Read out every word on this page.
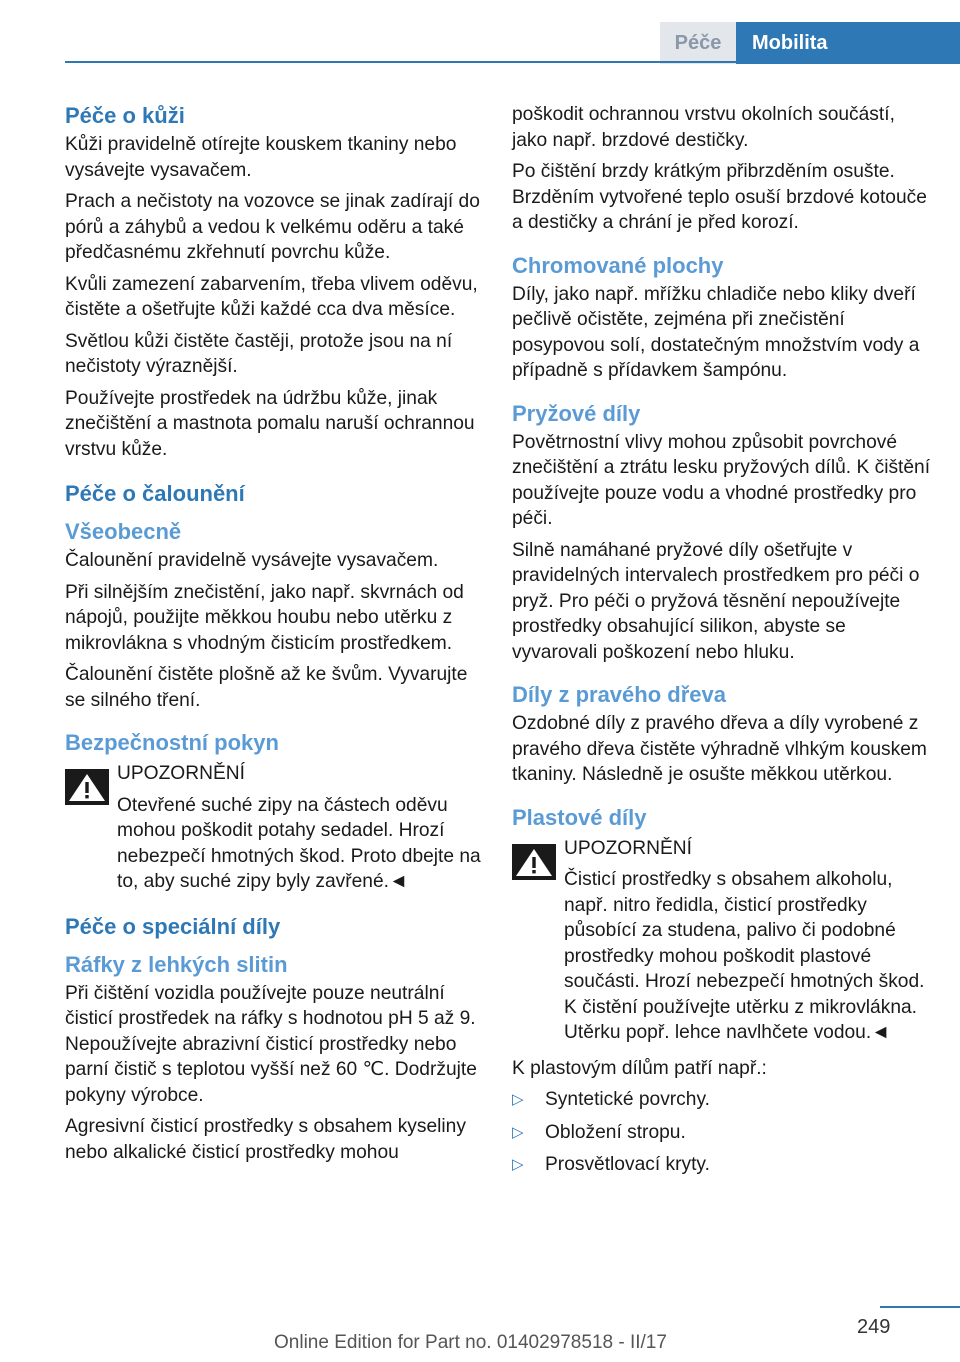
Péče	Mobilita
Péče o kůži

Kůži pravidelně otírejte kouskem tkaniny nebo vysávejte vysavačem.

Prach a nečistoty na vozovce se jinak zadírají do pórů a záhybů a vedou k velkému oděru a také předčasnému zkřehnutí povrchu kůže.

Kvůli zamezení zabarvením, třeba vlivem oděvu, čistěte a ošetřujte kůži každé cca dva měsíce.

Světlou kůži čistěte častěji, protože jsou na ní nečistoty výraznější.

Používejte prostředek na údržbu kůže, jinak znečištění a mastnota pomalu naruší ochrannou vrstvu kůže.

Péče o čalounění
Všeobecně

Čalounění pravidelně vysávejte vysavačem.

Při silnějším znečistění, jako např. skvrnách od nápojů, použijte měkkou houbu nebo utěrku z mikrovlákna s vhodným čisticím prostředkem.

Čalounění čistěte plošně až ke švům. Vyvarujte se silného tření.

Bezpečnostní pokyn

UPOZORNĚNÍ

Otevřené suché zipy na částech oděvu mohou poškodit potahy sedadel. Hrozí nebezpečí hmotných škod. Proto dbejte na to, aby suché zipy byly zavřené.◄

Péče o speciální díly
Ráfky z lehkých slitin

Při čištění vozidla používejte pouze neutrální čisticí prostředek na ráfky s hodnotou pH 5 až 9. Nepoužívejte abrazivní čisticí prostředky nebo parní čistič s teplotou vyšší než 60 ℃. Dodržujte pokyny výrobce.

Agresivní čisticí prostředky s obsahem kyseliny nebo alkalické čisticí prostředky mohou

poškodit ochrannou vrstvu okolních součástí, jako např. brzdové destičky.

Po čištění brzdy krátkým přibrzděním osušte. Brzděním vytvořené teplo osuší brzdové kotouče a destičky a chrání je před korozí.

Chromované plochy

Díly, jako např. mřížku chladiče nebo kliky dveří pečlivě očistěte, zejména při znečistění posypovou solí, dostatečným množstvím vody a případně s přídavkem šampónu.

Pryžové díly

Povětrnostní vlivy mohou způsobit povrchové znečištění a ztrátu lesku pryžových dílů. K čištění používejte pouze vodu a vhodné prostředky pro péči.

Silně namáhané pryžové díly ošetřujte v pravidelných intervalech prostředkem pro péči o pryž. Pro péči o pryžová těsnění nepoužívejte prostředky obsahující silikon, abyste se vyvarovali poškození nebo hluku.

Díly z pravého dřeva

Ozdobné díly z pravého dřeva a díly vyrobené z pravého dřeva čistěte výhradně vlhkým kouskem tkaniny. Následně je osušte měkkou utěrkou.

Plastové díly

UPOZORNĚNÍ

Čisticí prostředky s obsahem alkoholu, např. nitro ředidla, čisticí prostředky působící za studena, palivo či podobné prostředky mohou poškodit plastové součásti. Hrozí nebezpečí hmotných škod. K čistění používejte utěrku z mikrovlákna. Utěrku popř. lehce navlhčete vodou.◄

K plastovým dílům patří např.:

▷ Syntetické povrchy.
▷ Obložení stropu.
▷ Prosvětlovací kryty.
249
Online Edition for Part no. 01402978518 - II/17
